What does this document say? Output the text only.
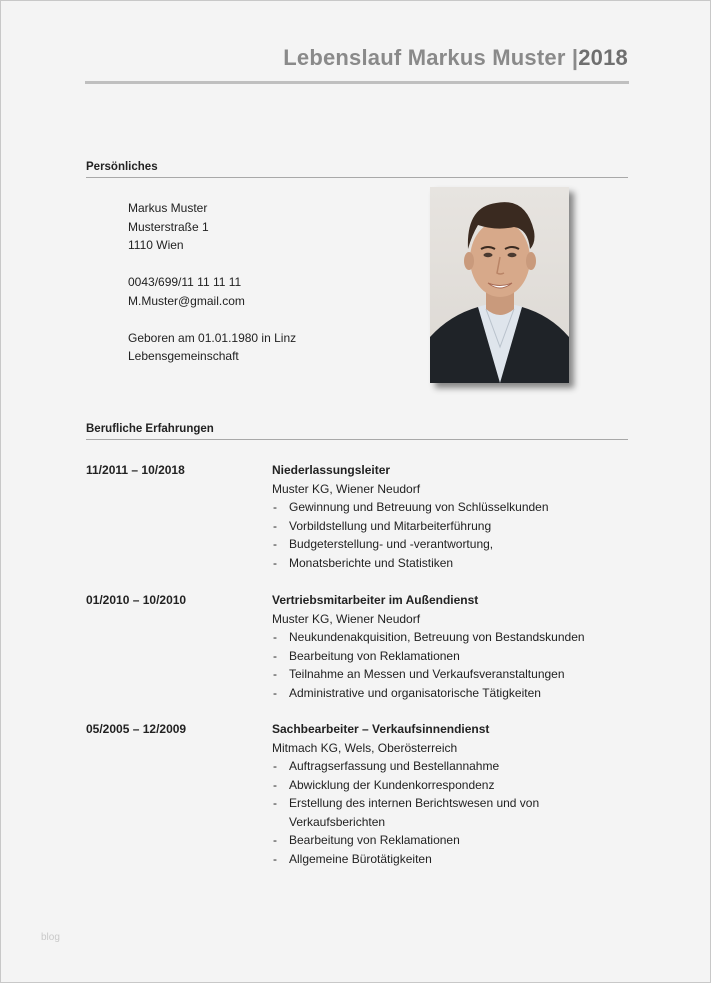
Lebenslauf Markus Muster |2018
Persönliches
Markus Muster
Musterstraße 1
1110 Wien
0043/699/11 11 11 11
M.Muster@gmail.com
Geboren am 01.01.1980 in Linz
Lebensgemeinschaft
Berufliche Erfahrungen
11/2011 – 10/2018	Niederlassungsleiter
Muster KG, Wiener Neudorf
- Gewinnung und Betreuung von Schlüsselkunden
- Vorbildstellung und Mitarbeiterführung
- Budgeterstellung- und -verantwortung,
- Monatsberichte und Statistiken
01/2010 – 10/2010	Vertriebsmitarbeiter im Außendienst
Muster KG, Wiener Neudorf
- Neukundenakquisition, Betreuung von Bestandskunden
- Bearbeitung von Reklamationen
- Teilnahme an Messen und Verkaufsveranstaltungen
- Administrative und organisatorische Tätigkeiten
05/2005 – 12/2009	Sachbearbeiter – Verkaufsinnendienst
Mitmach KG, Wels, Oberösterreich
- Auftragserfassung und Bestellannahme
- Abwicklung der Kundenkorrespondenz
- Erstellung des internen Berichtswesen und von Verkaufsberichten
- Bearbeitung von Reklamationen
- Allgemeine Bürotätigkeiten
blog
